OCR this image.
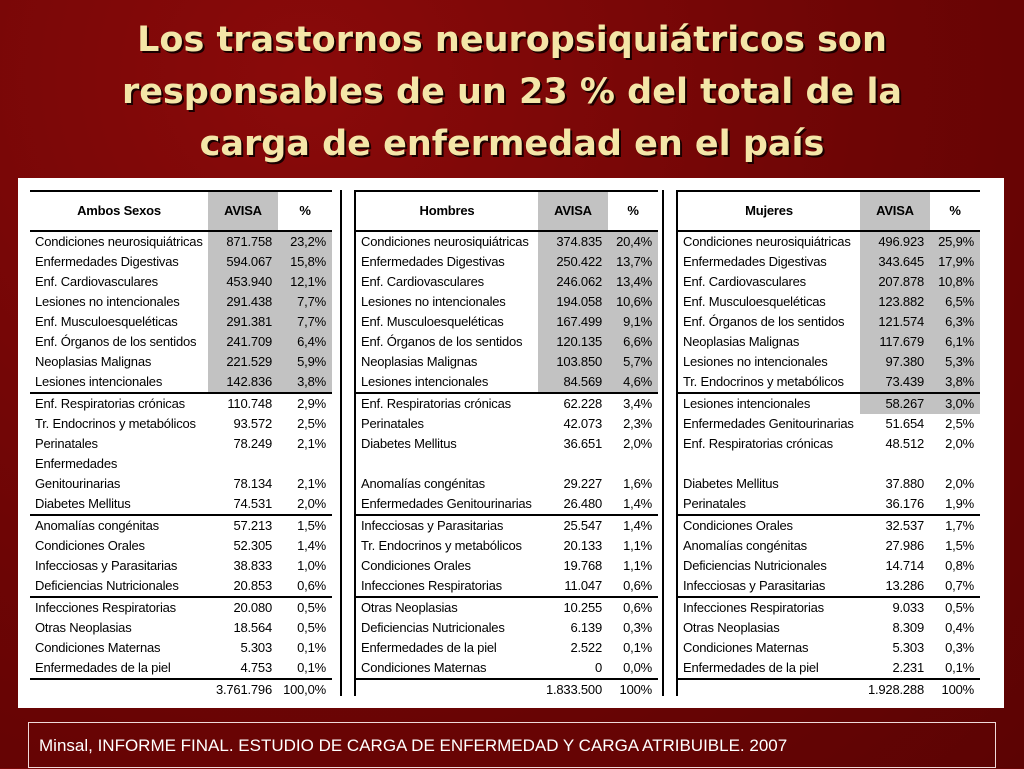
Los trastornos neuropsiquiátricos son
responsables de un 23 % del total de la
carga de enfermedad en el país
Ambos Sexos	AVISA	%
Condiciones neurosiquiátricas	871.758	23,2%
Enfermedades Digestivas	594.067	15,8%
Enf. Cardiovasculares	453.940	12,1%
Lesiones no intencionales	291.438	7,7%
Enf. Musculoesqueléticas	291.381	7,7%
Enf. Órganos de los sentidos	241.709	6,4%
Neoplasias Malignas	221.529	5,9%
Lesiones intencionales	142.836	3,8%
Enf. Respiratorias crónicas	110.748	2,9%
Tr. Endocrinos y metabólicos	93.572	2,5%
Perinatales	78.249	2,1%
Enfermedades
Genitourinarias	78.134	2,1%
Diabetes Mellitus	74.531	2,0%
Anomalías congénitas	57.213	1,5%
Condiciones Orales	52.305	1,4%
Infecciosas y Parasitarias	38.833	1,0%
Deficiencias Nutricionales	20.853	0,6%
Infecciones Respiratorias	20.080	0,5%
Otras Neoplasias	18.564	0,5%
Condiciones Maternas	5.303	0,1%
Enfermedades de la piel	4.753	0,1%
	3.761.796	100,0%
Hombres	AVISA	%
Condiciones neurosiquiátricas	374.835	20,4%
Enfermedades Digestivas	250.422	13,7%
Enf. Cardiovasculares	246.062	13,4%
Lesiones no intencionales	194.058	10,6%
Enf. Musculoesqueléticas	167.499	9,1%
Enf. Órganos de los sentidos	120.135	6,6%
Neoplasias Malignas	103.850	5,7%
Lesiones intencionales	84.569	4,6%
Enf. Respiratorias crónicas	62.228	3,4%
Perinatales	42.073	2,3%
Diabetes Mellitus	36.651	2,0%
Anomalías congénitas	29.227	1,6%
Enfermedades Genitourinarias	26.480	1,4%
Infecciosas y Parasitarias	25.547	1,4%
Tr. Endocrinos y metabólicos	20.133	1,1%
Condiciones Orales	19.768	1,1%
Infecciones Respiratorias	11.047	0,6%
Otras Neoplasias	10.255	0,6%
Deficiencias Nutricionales	6.139	0,3%
Enfermedades de la piel	2.522	0,1%
Condiciones Maternas	0	0,0%
	1.833.500	100%
Mujeres	AVISA	%
Condiciones neurosiquiátricas	496.923	25,9%
Enfermedades Digestivas	343.645	17,9%
Enf. Cardiovasculares	207.878	10,8%
Enf. Musculoesqueléticas	123.882	6,5%
Enf. Órganos de los sentidos	121.574	6,3%
Neoplasias Malignas	117.679	6,1%
Lesiones no intencionales	97.380	5,3%
Tr. Endocrinos y metabólicos	73.439	3,8%
Lesiones intencionales	58.267	3,0%
Enfermedades Genitourinarias	51.654	2,5%
Enf. Respiratorias crónicas	48.512	2,0%
Diabetes Mellitus	37.880	2,0%
Perinatales	36.176	1,9%
Condiciones Orales	32.537	1,7%
Anomalías congénitas	27.986	1,5%
Deficiencias Nutricionales	14.714	0,8%
Infecciosas y Parasitarias	13.286	0,7%
Infecciones Respiratorias	9.033	0,5%
Otras Neoplasias	8.309	0,4%
Condiciones Maternas	5.303	0,3%
Enfermedades de la piel	2.231	0,1%
	1.928.288	100%
Minsal, INFORME FINAL. ESTUDIO DE CARGA DE ENFERMEDAD Y CARGA ATRIBUIBLE. 2007
